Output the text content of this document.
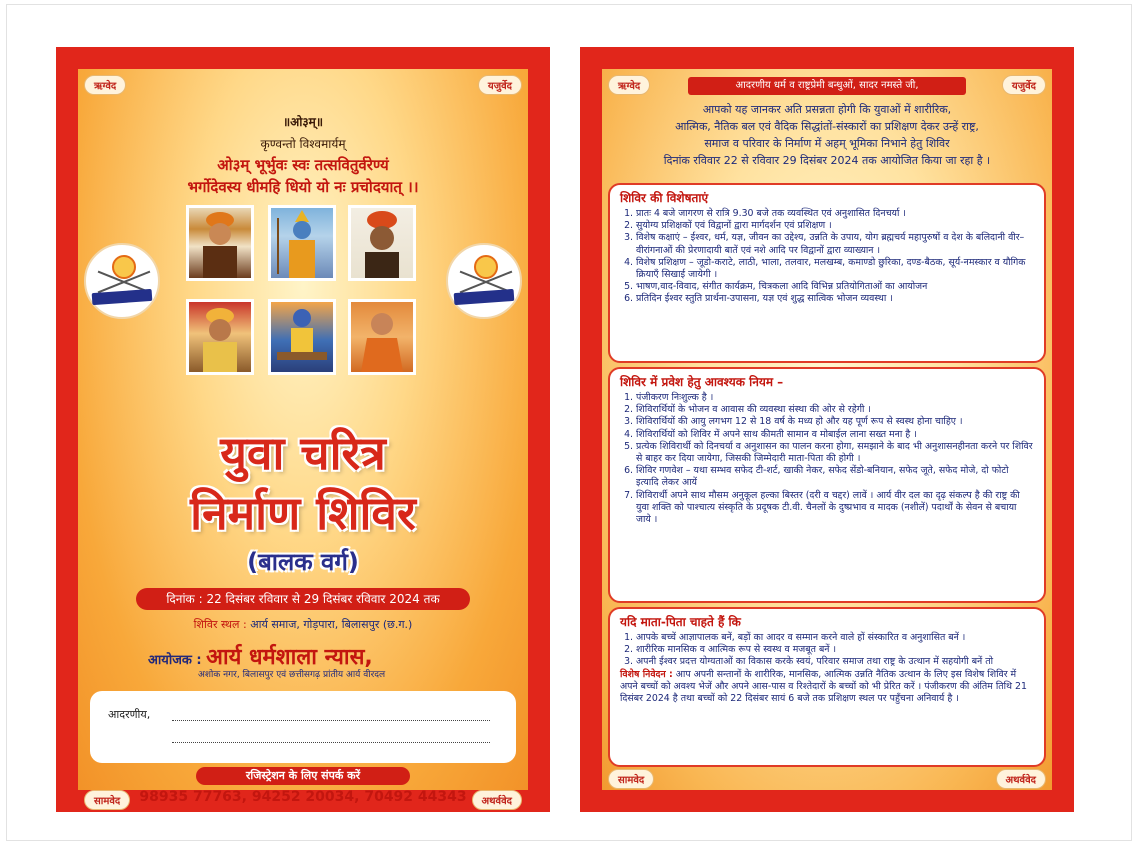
ऋग्वेद	यजुर्वेद
॥ओ३म्॥
कृण्वन्तो विश्वमार्यम्
ओ३म् भूर्भुवः स्वः तत्सवितुर्वरेण्यं
भर्गोदेवस्य धीमहि धियो यो नः प्रचोदयात् ।।
युवा चरित्र
निर्माण शिविर
(बालक वर्ग)
दिनांक : 22 दिसंबर रविवार से 29 दिसंबर रविवार 2024 तक
शिविर स्थल : आर्य समाज, गोड़पारा, बिलासपुर (छ.ग.)
आयोजक : आर्य धर्मशाला न्यास,
अशोक नगर, बिलासपुर एवं छत्तीसगढ़ प्रांतीय आर्य वीरदल
आदरणीय,
रजिस्ट्रेशन के लिए संपर्क करें
सामवेद	98935 77763, 94252 20034, 70492 44343	अथर्ववेद
ऋग्वेद	यजुर्वेद
आदरणीय धर्म व राष्ट्रप्रेमी बन्धुओं, सादर नमस्ते जी,
आपको यह जानकर अति प्रसन्नता होगी कि युवाओं में शारीरिक,
आत्मिक, नैतिक बल एवं वैदिक सिद्धांतों-संस्कारों का प्रशिक्षण देकर उन्हें राष्ट्र,
समाज व परिवार के निर्माण में अहम् भूमिका निभाने हेतु शिविर
दिनांक रविवार 22 से रविवार 29 दिसंबर 2024 तक आयोजित किया जा रहा है ।
शिविर की विशेषताएं
1. प्रातः 4 बजे जागरण से रात्रि 9.30 बजे तक व्यवस्थित एवं अनुशासित दिनचर्या ।
2. सुयोग्य प्रशिक्षकों एवं विद्वानों द्वारा मार्गदर्शन एवं प्रशिक्षण ।
3. विशेष कक्षाएं – ईश्वर, धर्म, यज्ञ, जीवन का उद्देश्य, उन्नति के उपाय, योग ब्रह्मचर्य महापुरुषों व देश के बलिदानी वीर–वीरांगनाओं की प्रेरणादायी बातें एवं नशे आदि पर विद्वानों द्वारा व्याख्यान ।
4. विशेष प्रशिक्षण – जूडो-कराटे, लाठी, भाला, तलवार, मलखम्ब, कमाण्डो छुरिका, दण्ड-बैठक, सूर्य-नमस्कार व यौगिक क्रियाएँ सिखाई जायेगी ।
5. भाषण,वाद-विवाद, संगीत कार्यक्रम, चित्रकला आदि विभिन्न प्रतियोगिताओं का आयोजन
6. प्रतिदिन ईश्वर स्तुति प्रार्थना-उपासना, यज्ञ एवं शुद्ध सात्विक भोजन व्यवस्था ।
शिविर में प्रवेश हेतु आवश्यक नियम –
1. पंजीकरण निःशुल्क है ।
2. शिविरार्थियों के भोजन व आवास की व्यवस्था संस्था की ओर से रहेगी ।
3. शिविरार्थियों की आयु लगभग 12 से 18 वर्ष के मध्य हो और यह पूर्ण रूप से स्वस्थ होना चाहिए ।
4. शिविरार्थियों को शिविर में अपने साथ कीमती सामान व मोबाईल लाना सख्त मना है ।
5. प्रत्येक शिविरार्थी को दिनचर्या व अनुशासन का पालन करना होगा, समझाने के बाद भी अनुशासनहीनता करने पर शिविर से बाहर कर दिया जायेगा, जिसकी जिम्मेदारी माता-पिता की होगी ।
6. शिविर गणवेश – यथा सम्भव सफेद टी-शर्ट, खाकी नेकर, सफेद सेंडो-बनियान, सफेद जूते, सफेद मोजे, दो फोटो इत्यादि लेकर आयें
7. शिविरार्थी अपने साथ मौसम अनुकूल हल्का बिस्तर (दरी व चद्दर) लावें । आर्य वीर दल का दृढ़ संकल्प है की राष्ट्र की युवा शक्ति को पाश्चात्य संस्कृति के प्रदूषक टी.वी. चैनलों के दुष्प्रभाव व मादक (नशीलें) पदार्थों के सेवन से बचाया जाये ।
यदि माता-पिता चाहते हैं कि
1. आपके बच्चें आज्ञापालक बनें, बड़ों का आदर व सम्मान करने वाले हों संस्कारित व अनुशासित बनें ।
2. शारीरिक मानसिक व आत्मिक रूप से स्वस्थ व मजबूत बनें ।
3. अपनी ईश्वर प्रदत्त योग्यताओं का विकास करके स्वयं, परिवार समाज तथा राष्ट्र के उत्थान में सहयोगी बनें तो

विशेष निवेदन : आप अपनी सन्तानों के शारीरिक, मानसिक, आत्मिक उन्नति नैतिक उत्थान के लिए इस विशेष शिविर में अपने बच्चों को अवश्य भेजें और अपने आस-पास व रिश्तेदारों के बच्चों को भी प्रेरित करें । पंजीकरण की अंतिम तिथि 21 दिसंबर 2024 है तथा बच्चों को 22 दिसंबर सायं 6 बजे तक प्रशिक्षण स्थल पर पहुँचना अनिवार्य है ।

सामवेद	अथर्ववेद
